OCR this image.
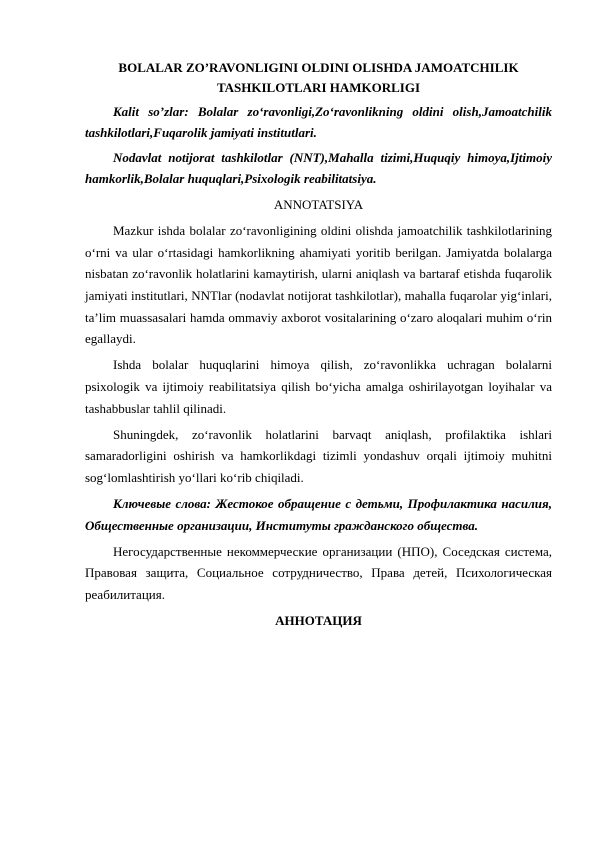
BOLALAR ZO’RAVONLIGINI OLDINI OLISHDA JAMOATCHILIK
TASHKILOTLARI HAMKORLIGI

Kalit so’zlar: Bolalar zo‘ravonligi,Zo‘ravonlikning oldini olish,Jamoatchilik tashkilotlari,Fuqarolik jamiyati institutlari.

Nodavlat notijorat tashkilotlar (NNT),Mahalla tizimi,Huquqiy himoya,Ijtimoiy hamkorlik,Bolalar huquqlari,Psixologik reabilitatsiya.

ANNOTATSIYA

Mazkur ishda bolalar zo‘ravonligining oldini olishda jamoatchilik tashkilotlarining o‘rni va ular o‘rtasidagi hamkorlikning ahamiyati yoritib berilgan. Jamiyatda bolalarga nisbatan zo‘ravonlik holatlarini kamaytirish, ularni aniqlash va bartaraf etishda fuqarolik jamiyati institutlari, NNTlar (nodavlat notijorat tashkilotlar), mahalla fuqarolar yig‘inlari, ta’lim muassasalari hamda ommaviy axborot vositalarining o‘zaro aloqalari muhim o‘rin egallaydi.

Ishda bolalar huquqlarini himoya qilish, zo‘ravonlikka uchragan bolalarni psixologik va ijtimoiy reabilitatsiya qilish bo‘yicha amalga oshirilayotgan loyihalar va tashabbuslar tahlil qilinadi.

Shuningdek, zo‘ravonlik holatlarini barvaqt aniqlash, profilaktika ishlari samaradorligini oshirish va hamkorlikdagi tizimli yondashuv orqali ijtimoiy muhitni sog‘lomlashtirish yo‘llari ko‘rib chiqiladi.

Ключевые слова: Жестокое обращение с детьми, Профилактика насилия, Общественные организации, Институты гражданского общества.

Негосударственные некоммерческие организации (НПО), Соседская система, Правовая защита, Социальное сотрудничество, Права детей, Психологическая реабилитация.

АННОТАЦИЯ
